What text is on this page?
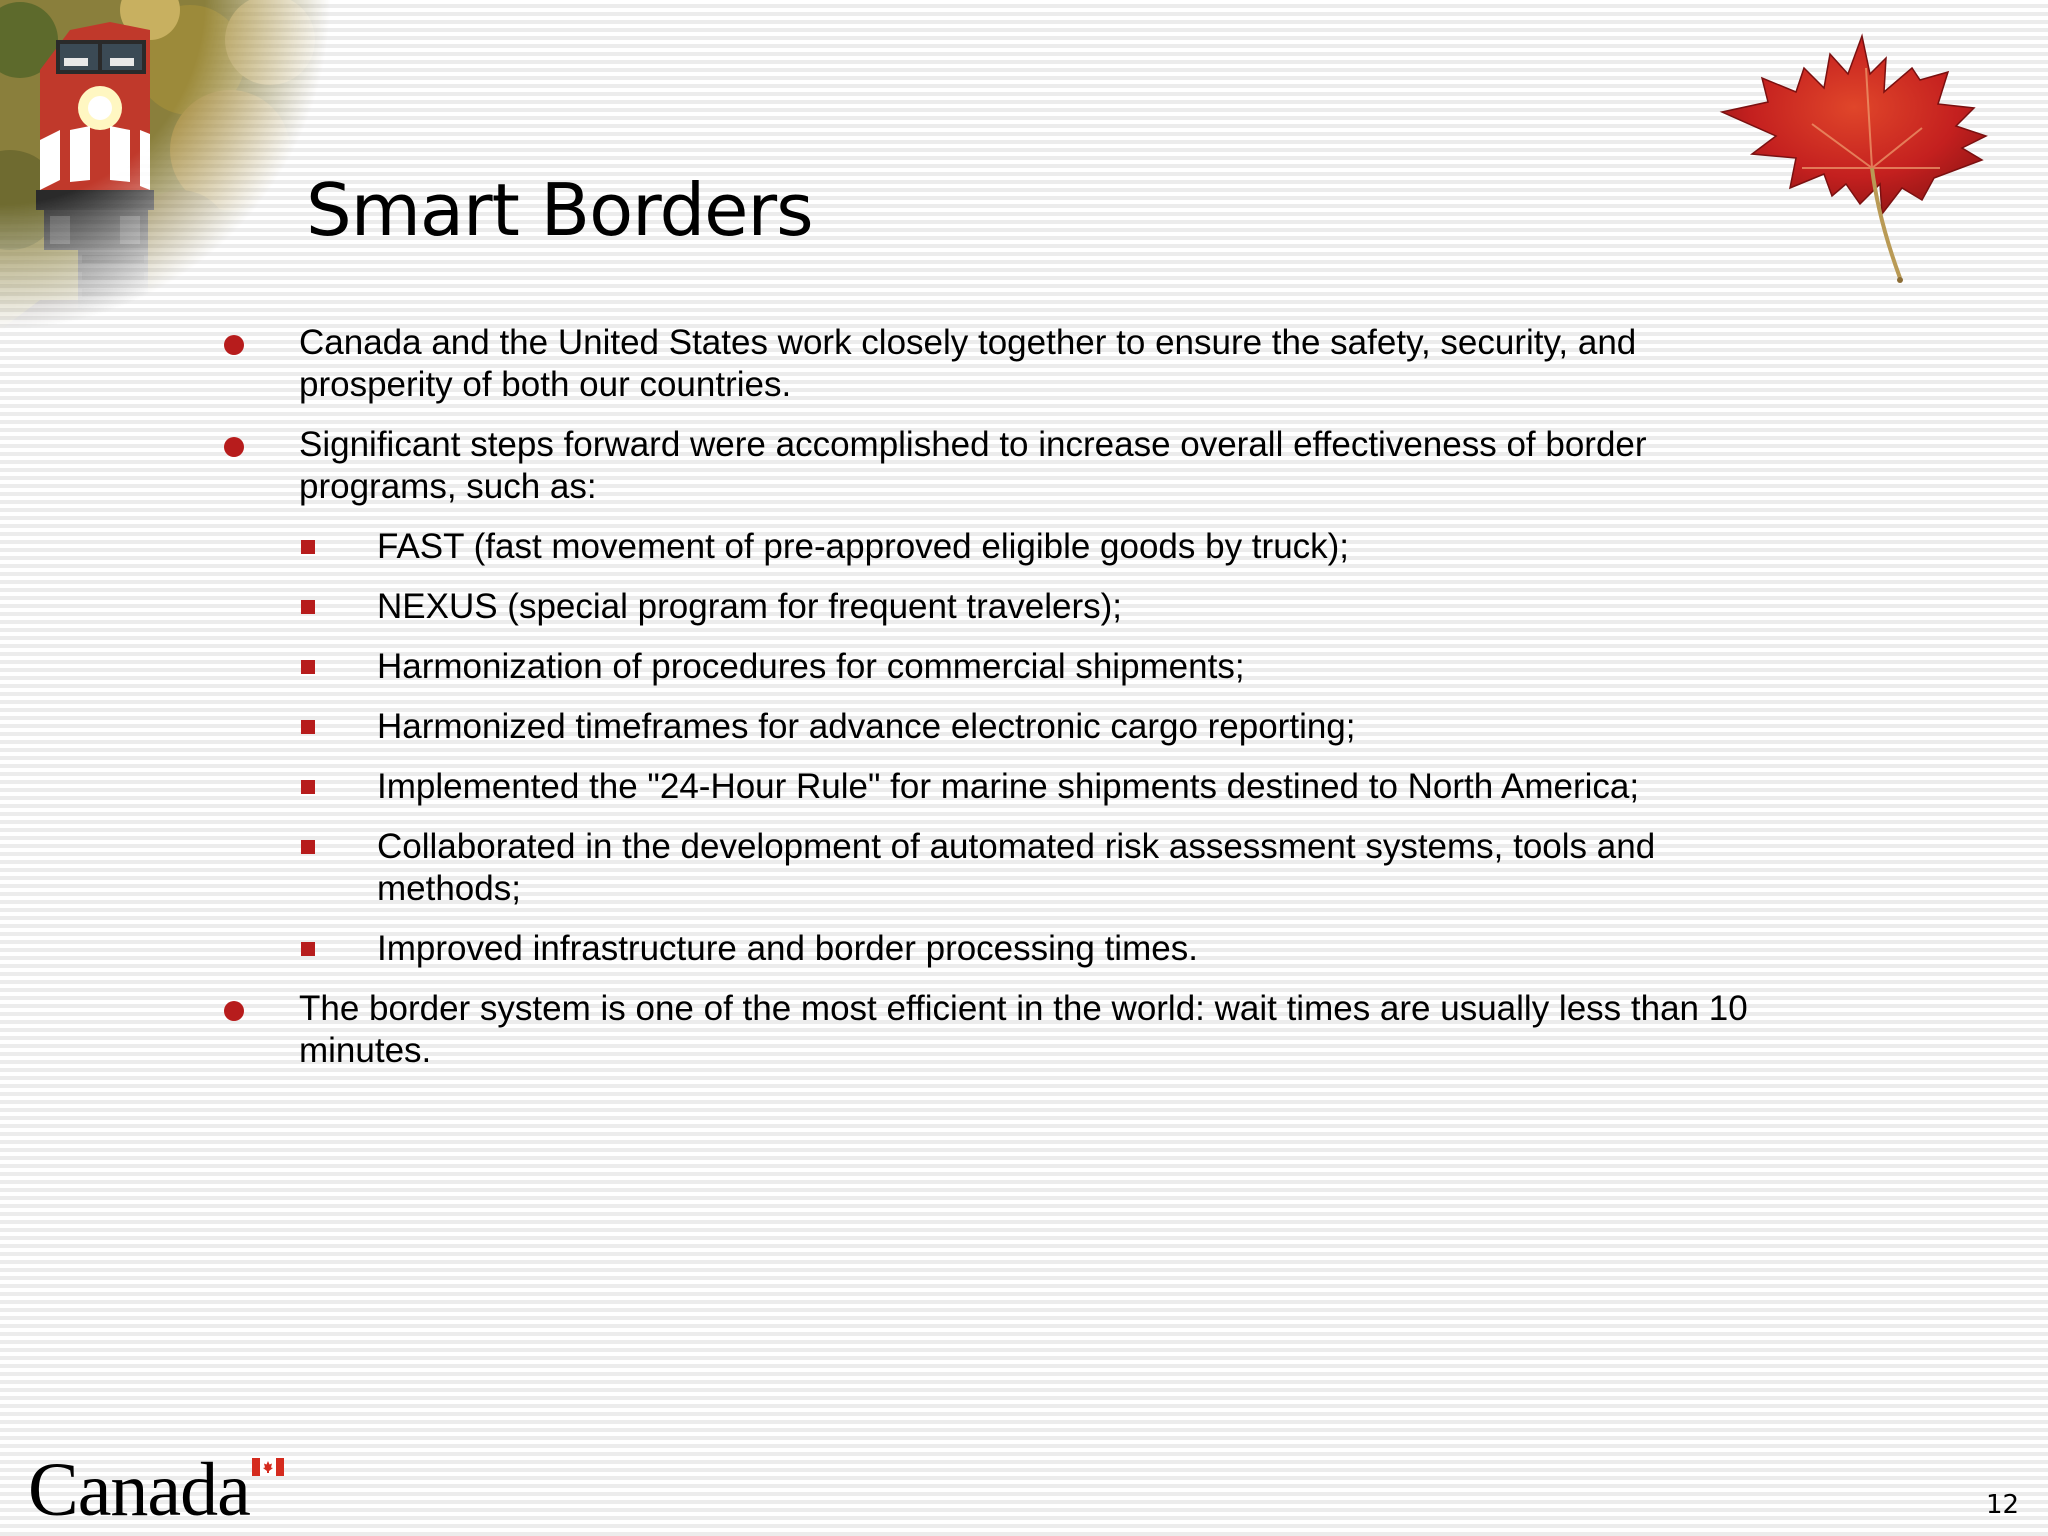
Smart Borders
Canada and the United States work closely together to ensure the safety, security, and prosperity of both our countries.
Significant steps forward were accomplished to increase overall effectiveness of border programs, such as:
FAST (fast movement of pre-approved eligible goods by truck);
NEXUS (special program for frequent travelers);
Harmonization of procedures for commercial shipments;
Harmonized timeframes for advance electronic cargo reporting;
Implemented the "24-Hour Rule" for marine shipments destined to North America;
Collaborated in the development of automated risk assessment systems, tools and methods;
Improved infrastructure and border processing times.
The border system is one of the most efficient in the world: wait times are usually less than 10 minutes.
Canada	12
